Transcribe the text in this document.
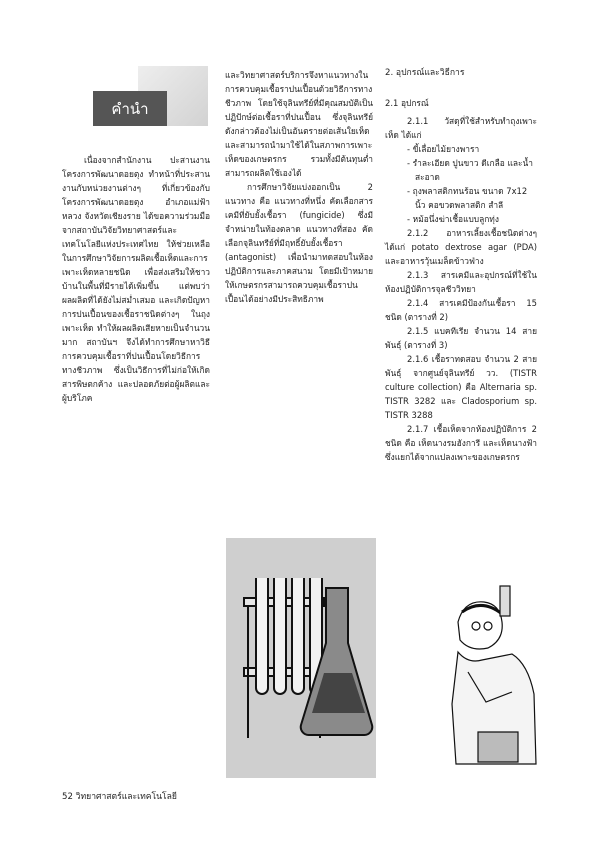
คำนำ

เนื่องจากสำนักงาน ปะสานงานโครงการพัฒนาดอยตุง ทำหน้าที่ประสาน งานกับหน่วยงานต่างๆ ที่เกี่ยวข้องกับ โครงการพัฒนาดอยตุง อำเภอแม่ฟ้าหลวง จังหวัดเชียงราย ได้ขอความร่วมมือจากสถาบันวิจัยวิทยาศาสตร์และเทคโนโลยีแห่งประเทศไทย ให้ช่วยเหลือในการศึกษาวิจัยการผลิตเชื้อเห็ดและการเพาะเห็ดหลายชนิด เพื่อส่งเสริมให้ชาวบ้านในพื้นที่มีรายได้เพิ่มขึ้น แต่พบว่าผลผลิตที่ได้ยังไม่สม่ำเสมอ และเกิดปัญหาการปนเปื้อนของเชื้อราชนิดต่างๆ ในถุงเพาะเห็ด ทำให้ผลผลิตเสียหายเป็นจำนวนมาก สถาบันฯ จึงได้ทำการศึกษาหาวิธีการควบคุมเชื้อราที่ปนเปื้อนโดยวิธีการทางชีวภาพ ซึ่งเป็นวิธีการที่ไม่ก่อให้เกิดสารพิษตกค้าง และปลอดภัยต่อผู้ผลิตและผู้บริโภค

และวิทยาศาสตร์บริการจึงหาแนวทางในการควบคุมเชื้อราปนเปื้อนด้วยวิธีการทางชีวภาพ โดยใช้จุลินทรีย์ที่มีคุณสมบัติเป็นปฏิปักษ์ต่อเชื้อราที่ปนเปื้อน ซึ่งจุลินทรีย์ดังกล่าวต้องไม่เป็นอันตรายต่อเส้นใยเห็ด และสามารถนำมาใช้ได้ในสภาพการเพาะเห็ดของเกษตรกร รวมทั้งมีต้นทุนต่ำ สามารถผลิตใช้เองได้

การศึกษาวิจัยแบ่งออกเป็น 2 แนวทาง คือ แนวทางที่หนึ่ง คัดเลือกสารเคมีที่ยับยั้งเชื้อรา (fungicide) ซึ่งมีจำหน่ายในท้องตลาด แนวทางที่สอง คัดเลือกจุลินทรีย์ที่มีฤทธิ์ยับยั้งเชื้อรา (antagonist) เพื่อนำมาทดสอบในห้องปฏิบัติการและภาคสนาม โดยมีเป้าหมายให้เกษตรกรสามารถควบคุมเชื้อราปนเปื้อนได้อย่างมีประสิทธิภาพ

2. อุปกรณ์และวิธีการ
2.1 อุปกรณ์

2.1.1 วัสดุที่ใช้สำหรับทำถุงเพาะเห็ด ได้แก่

- ขี้เลื่อยไม้ยางพารา
- รำละเอียด ปูนขาว ดีเกลือ และน้ำสะอาด
- ถุงพลาสติกทนร้อน ขนาด 7x12 นิ้ว คอขวดพลาสติก สำลี
- หม้อนึ่งฆ่าเชื้อแบบลูกทุ่ง

2.1.2 อาหารเลี้ยงเชื้อชนิดต่างๆ ได้แก่ potato dextrose agar (PDA) และอาหารวุ้นเมล็ดข้าวฟ่าง

2.1.3 สารเคมีและอุปกรณ์ที่ใช้ในห้องปฏิบัติการจุลชีววิทยา

2.1.4 สารเคมีป้องกันเชื้อรา 15 ชนิด (ตารางที่ 2)

2.1.5 แบคทีเรีย จำนวน 14 สายพันธุ์ (ตารางที่ 3)

2.1.6 เชื้อราทดสอบ จำนวน 2 สายพันธุ์ จากศูนย์จุลินทรีย์ วว. (TISTR culture collection) คือ Alternaria sp. TISTR 3282 และ Cladosporium sp. TISTR 3288

2.1.7 เชื้อเห็ดจากห้องปฏิบัติการ 2 ชนิด คือ เห็ดนางรมฮังการี และเห็ดนางฟ้า ซึ่งแยกได้จากแปลงเพาะของเกษตรกร

52 วิทยาศาสตร์และเทคโนโลยี
